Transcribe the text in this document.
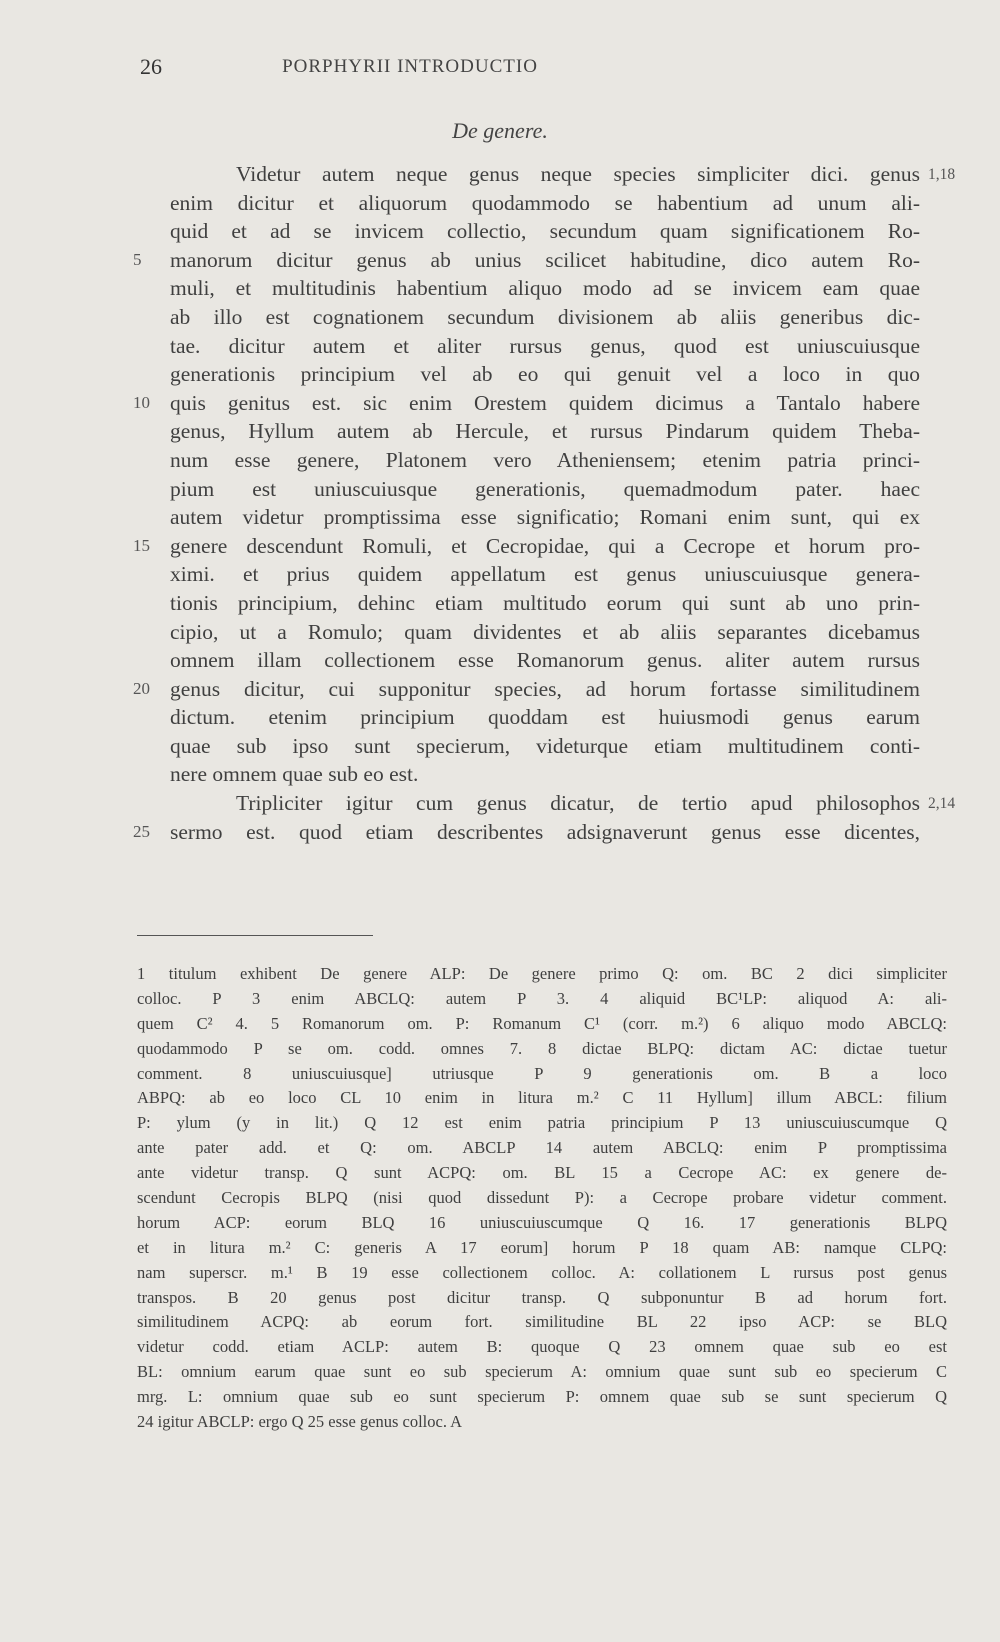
26	PORPHYRII INTRODUCTIO
De genere.
Videtur autem neque genus neque species simpliciter dici. genus 1,18
enim dicitur et aliquorum quodammodo se habentium ad unum ali-
quid et ad se invicem collectio, secundum quam significationem Ro-
5 manorum dicitur genus ab unius scilicet habitudine, dico autem Ro-
muli, et multitudinis habentium aliquo modo ad se invicem eam quae
ab illo est cognationem secundum divisionem ab aliis generibus dic-
tae. dicitur autem et aliter rursus genus, quod est uniuscuiusque
generationis principium vel ab eo qui genuit vel a loco in quo
10 quis genitus est. sic enim Orestem quidem dicimus a Tantalo habere
genus, Hyllum autem ab Hercule, et rursus Pindarum quidem Theba-
num esse genere, Platonem vero Atheniensem; etenim patria princi-
pium est uniuscuiusque generationis, quemadmodum pater. haec
autem videtur promptissima esse significatio; Romani enim sunt, qui ex
15 genere descendunt Romuli, et Cecropidae, qui a Cecrope et horum pro-
ximi. et prius quidem appellatum est genus uniuscuiusque genera-
tionis principium, dehinc etiam multitudo eorum qui sunt ab uno prin-
cipio, ut a Romulo; quam dividentes et ab aliis separantes dicebamus
omnem illam collectionem esse Romanorum genus. aliter autem rursus
20 genus dicitur, cui supponitur species, ad horum fortasse similitudinem
dictum. etenim principium quoddam est huiusmodi genus earum
quae sub ipso sunt specierum, videturque etiam multitudinem conti-
nere omnem quae sub eo est.
Tripliciter igitur cum genus dicatur, de tertio apud philosophos 2,14
25 sermo est. quod etiam describentes adsignaverunt genus esse dicentes,
1 titulum exhibent De genere ALP: De genere primo Q: om. BC 2 dici simpliciter
colloc. P 3 enim ABCLQ: autem P 3. 4 aliquid BC¹LP: aliquod A: ali-
quem C² 4. 5 Romanorum om. P: Romanum C¹ (corr. m.²) 6 aliquo modo ABCLQ:
quodammodo P se om. codd. omnes 7. 8 dictae BLPQ: dictam AC: dictae tuetur
comment. 8 uniuscuiusque] utriusque P 9 generationis om. B a loco
ABPQ: ab eo loco CL 10 enim in litura m.² C 11 Hyllum] illum ABCL: filium
P: ylum (y in lit.) Q 12 est enim patria principium P 13 uniuscuiuscumque Q
ante pater add. et Q: om. ABCLP 14 autem ABCLQ: enim P promptissima
ante videtur transp. Q sunt ACPQ: om. BL 15 a Cecrope AC: ex genere de-
scendunt Cecropis BLPQ (nisi quod dissedunt P): a Cecrope probare videtur comment.
horum ACP: eorum BLQ 16 uniuscuiuscumque Q 16. 17 generationis BLPQ
et in litura m.² C: generis A 17 eorum] horum P 18 quam AB: namque CLPQ:
nam superscr. m.¹ B 19 esse collectionem colloc. A: collationem L rursus post genus
transpos. B 20 genus post dicitur transp. Q subponuntur B ad horum fort.
similitudinem ACPQ: ab eorum fort. similitudine BL 22 ipso ACP: se BLQ
videtur codd. etiam ACLP: autem B: quoque Q 23 omnem quae sub eo est
BL: omnium earum quae sunt eo sub specierum A: omnium quae sunt sub eo specierum C
mrg. L: omnium quae sub eo sunt specierum P: omnem quae sub se sunt specierum Q
24 igitur ABCLP: ergo Q 25 esse genus colloc. A
